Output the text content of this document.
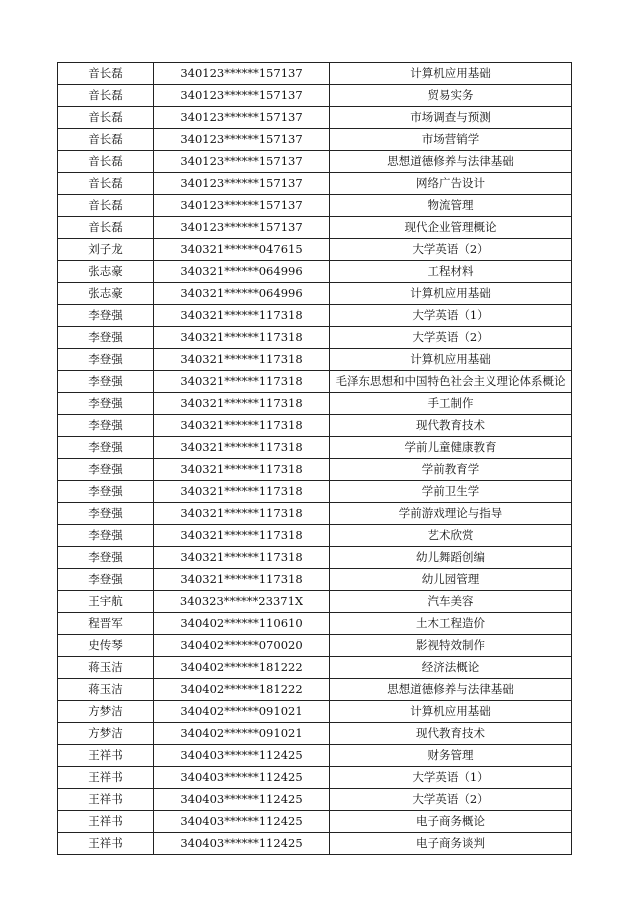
音长磊	340123******157137	计算机应用基础
音长磊	340123******157137	贸易实务
音长磊	340123******157137	市场调查与预测
音长磊	340123******157137	市场营销学
音长磊	340123******157137	思想道德修养与法律基础
音长磊	340123******157137	网络广告设计
音长磊	340123******157137	物流管理
音长磊	340123******157137	现代企业管理概论
刘子龙	340321******047615	大学英语（2）
张志豪	340321******064996	工程材料
张志豪	340321******064996	计算机应用基础
李登强	340321******117318	大学英语（1）
李登强	340321******117318	大学英语（2）
李登强	340321******117318	计算机应用基础
李登强	340321******117318	毛泽东思想和中国特色社会主义理论体系概论
李登强	340321******117318	手工制作
李登强	340321******117318	现代教育技术
李登强	340321******117318	学前儿童健康教育
李登强	340321******117318	学前教育学
李登强	340321******117318	学前卫生学
李登强	340321******117318	学前游戏理论与指导
李登强	340321******117318	艺术欣赏
李登强	340321******117318	幼儿舞蹈创编
李登强	340321******117318	幼儿园管理
王宇航	340323******23371X	汽车美容
程晋军	340402******110610	土木工程造价
史传琴	340402******070020	影视特效制作
蒋玉洁	340402******181222	经济法概论
蒋玉洁	340402******181222	思想道德修养与法律基础
方梦洁	340402******091021	计算机应用基础
方梦洁	340402******091021	现代教育技术
王祥书	340403******112425	财务管理
王祥书	340403******112425	大学英语（1）
王祥书	340403******112425	大学英语（2）
王祥书	340403******112425	电子商务概论
王祥书	340403******112425	电子商务谈判
